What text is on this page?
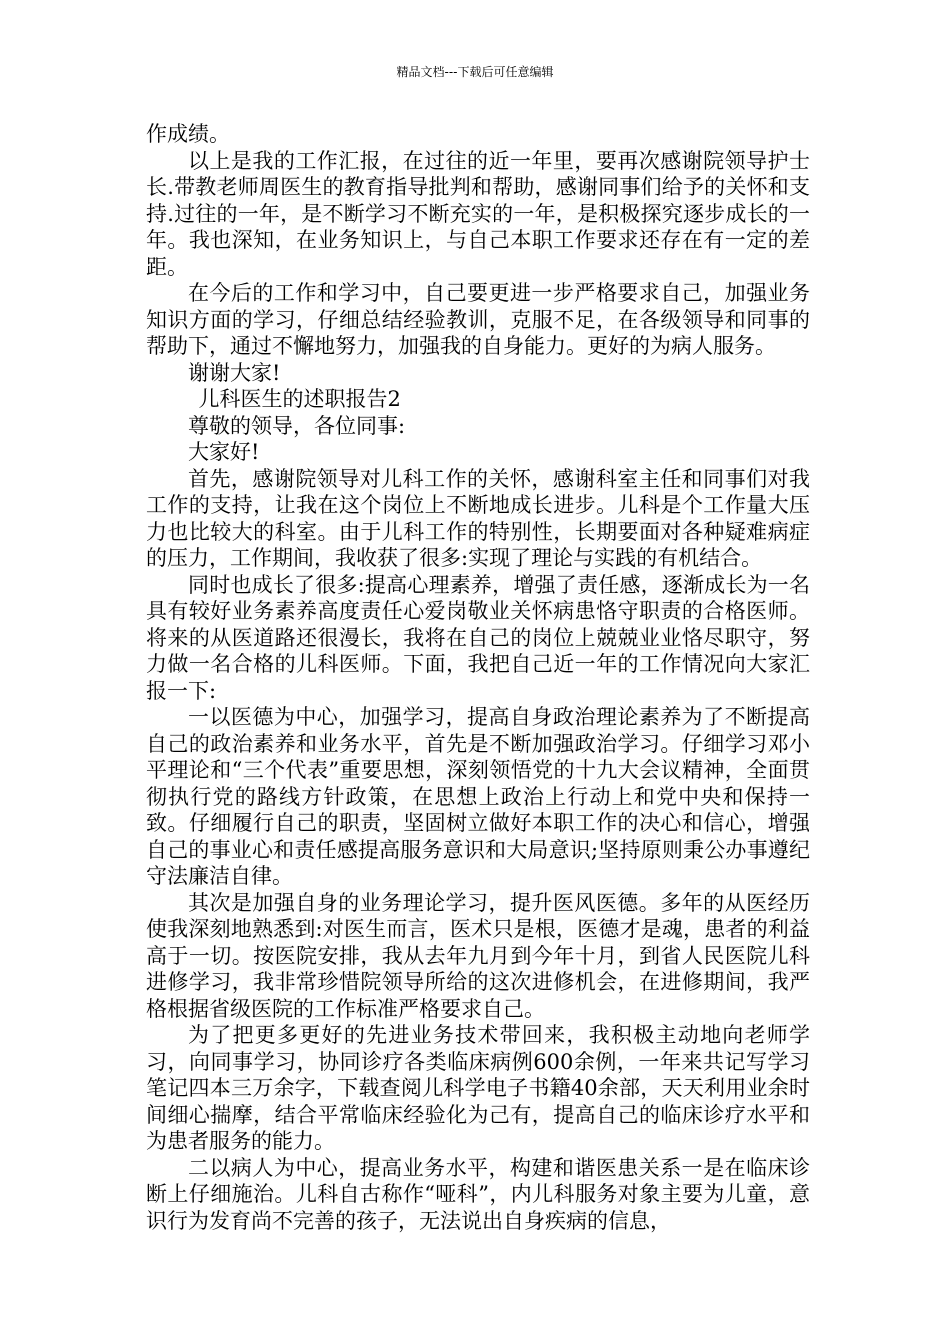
精品文档---下载后可任意编辑

作成绩。

以上是我的工作汇报，在过往的近一年里，要再次感谢院领导护士长.带教老师周医生的教育指导批判和帮助，感谢同事们给予的关怀和支持.过往的一年，是不断学习不断充实的一年，是积极探究逐步成长的一年。我也深知，在业务知识上，与自己本职工作要求还存在有一定的差距。

在今后的工作和学习中，自己要更进一步严格要求自己，加强业务知识方面的学习，仔细总结经验教训，克服不足，在各级领导和同事的帮助下，通过不懈地努力，加强我的自身能力。更好的为病人服务。

谢谢大家!

儿科医生的述职报告2

尊敬的领导，各位同事:

大家好!

首先，感谢院领导对儿科工作的关怀，感谢科室主任和同事们对我工作的支持，让我在这个岗位上不断地成长进步。儿科是个工作量大压力也比较大的科室。由于儿科工作的特别性，长期要面对各种疑难病症的压力，工作期间，我收获了很多:实现了理论与实践的有机结合。

同时也成长了很多:提高心理素养，增强了责任感，逐渐成长为一名具有较好业务素养高度责任心爱岗敬业关怀病患恪守职责的合格医师。将来的从医道路还很漫长，我将在自己的岗位上兢兢业业恪尽职守，努力做一名合格的儿科医师。下面，我把自己近一年的工作情况向大家汇报一下:

一以医德为中心，加强学习，提高自身政治理论素养为了不断提高自己的政治素养和业务水平，首先是不断加强政治学习。仔细学习邓小平理论和“三个代表”重要思想，深刻领悟党的十九大会议精神，全面贯彻执行党的路线方针政策，在思想上政治上行动上和党中央和保持一致。仔细履行自己的职责，坚固树立做好本职工作的决心和信心，增强自己的事业心和责任感提高服务意识和大局意识;坚持原则秉公办事遵纪守法廉洁自律。

其次是加强自身的业务理论学习，提升医风医德。多年的从医经历使我深刻地熟悉到:对医生而言，医术只是根，医德才是魂，患者的利益高于一切。按医院安排，我从去年九月到今年十月，到省人民医院儿科进修学习，我非常珍惜院领导所给的这次进修机会，在进修期间，我严格根据省级医院的工作标准严格要求自己。

为了把更多更好的先进业务技术带回来，我积极主动地向老师学习，向同事学习，协同诊疗各类临床病例600余例，一年来共记写学习笔记四本三万余字，下载查阅儿科学电子书籍40余部，天天利用业余时间细心揣摩，结合平常临床经验化为己有，提高自己的临床诊疗水平和为患者服务的能力。

二以病人为中心，提高业务水平，构建和谐医患关系一是在临床诊断上仔细施治。儿科自古称作“哑科”，内儿科服务对象主要为儿童，意识行为发育尚不完善的孩子，无法说出自身疾病的信息，
